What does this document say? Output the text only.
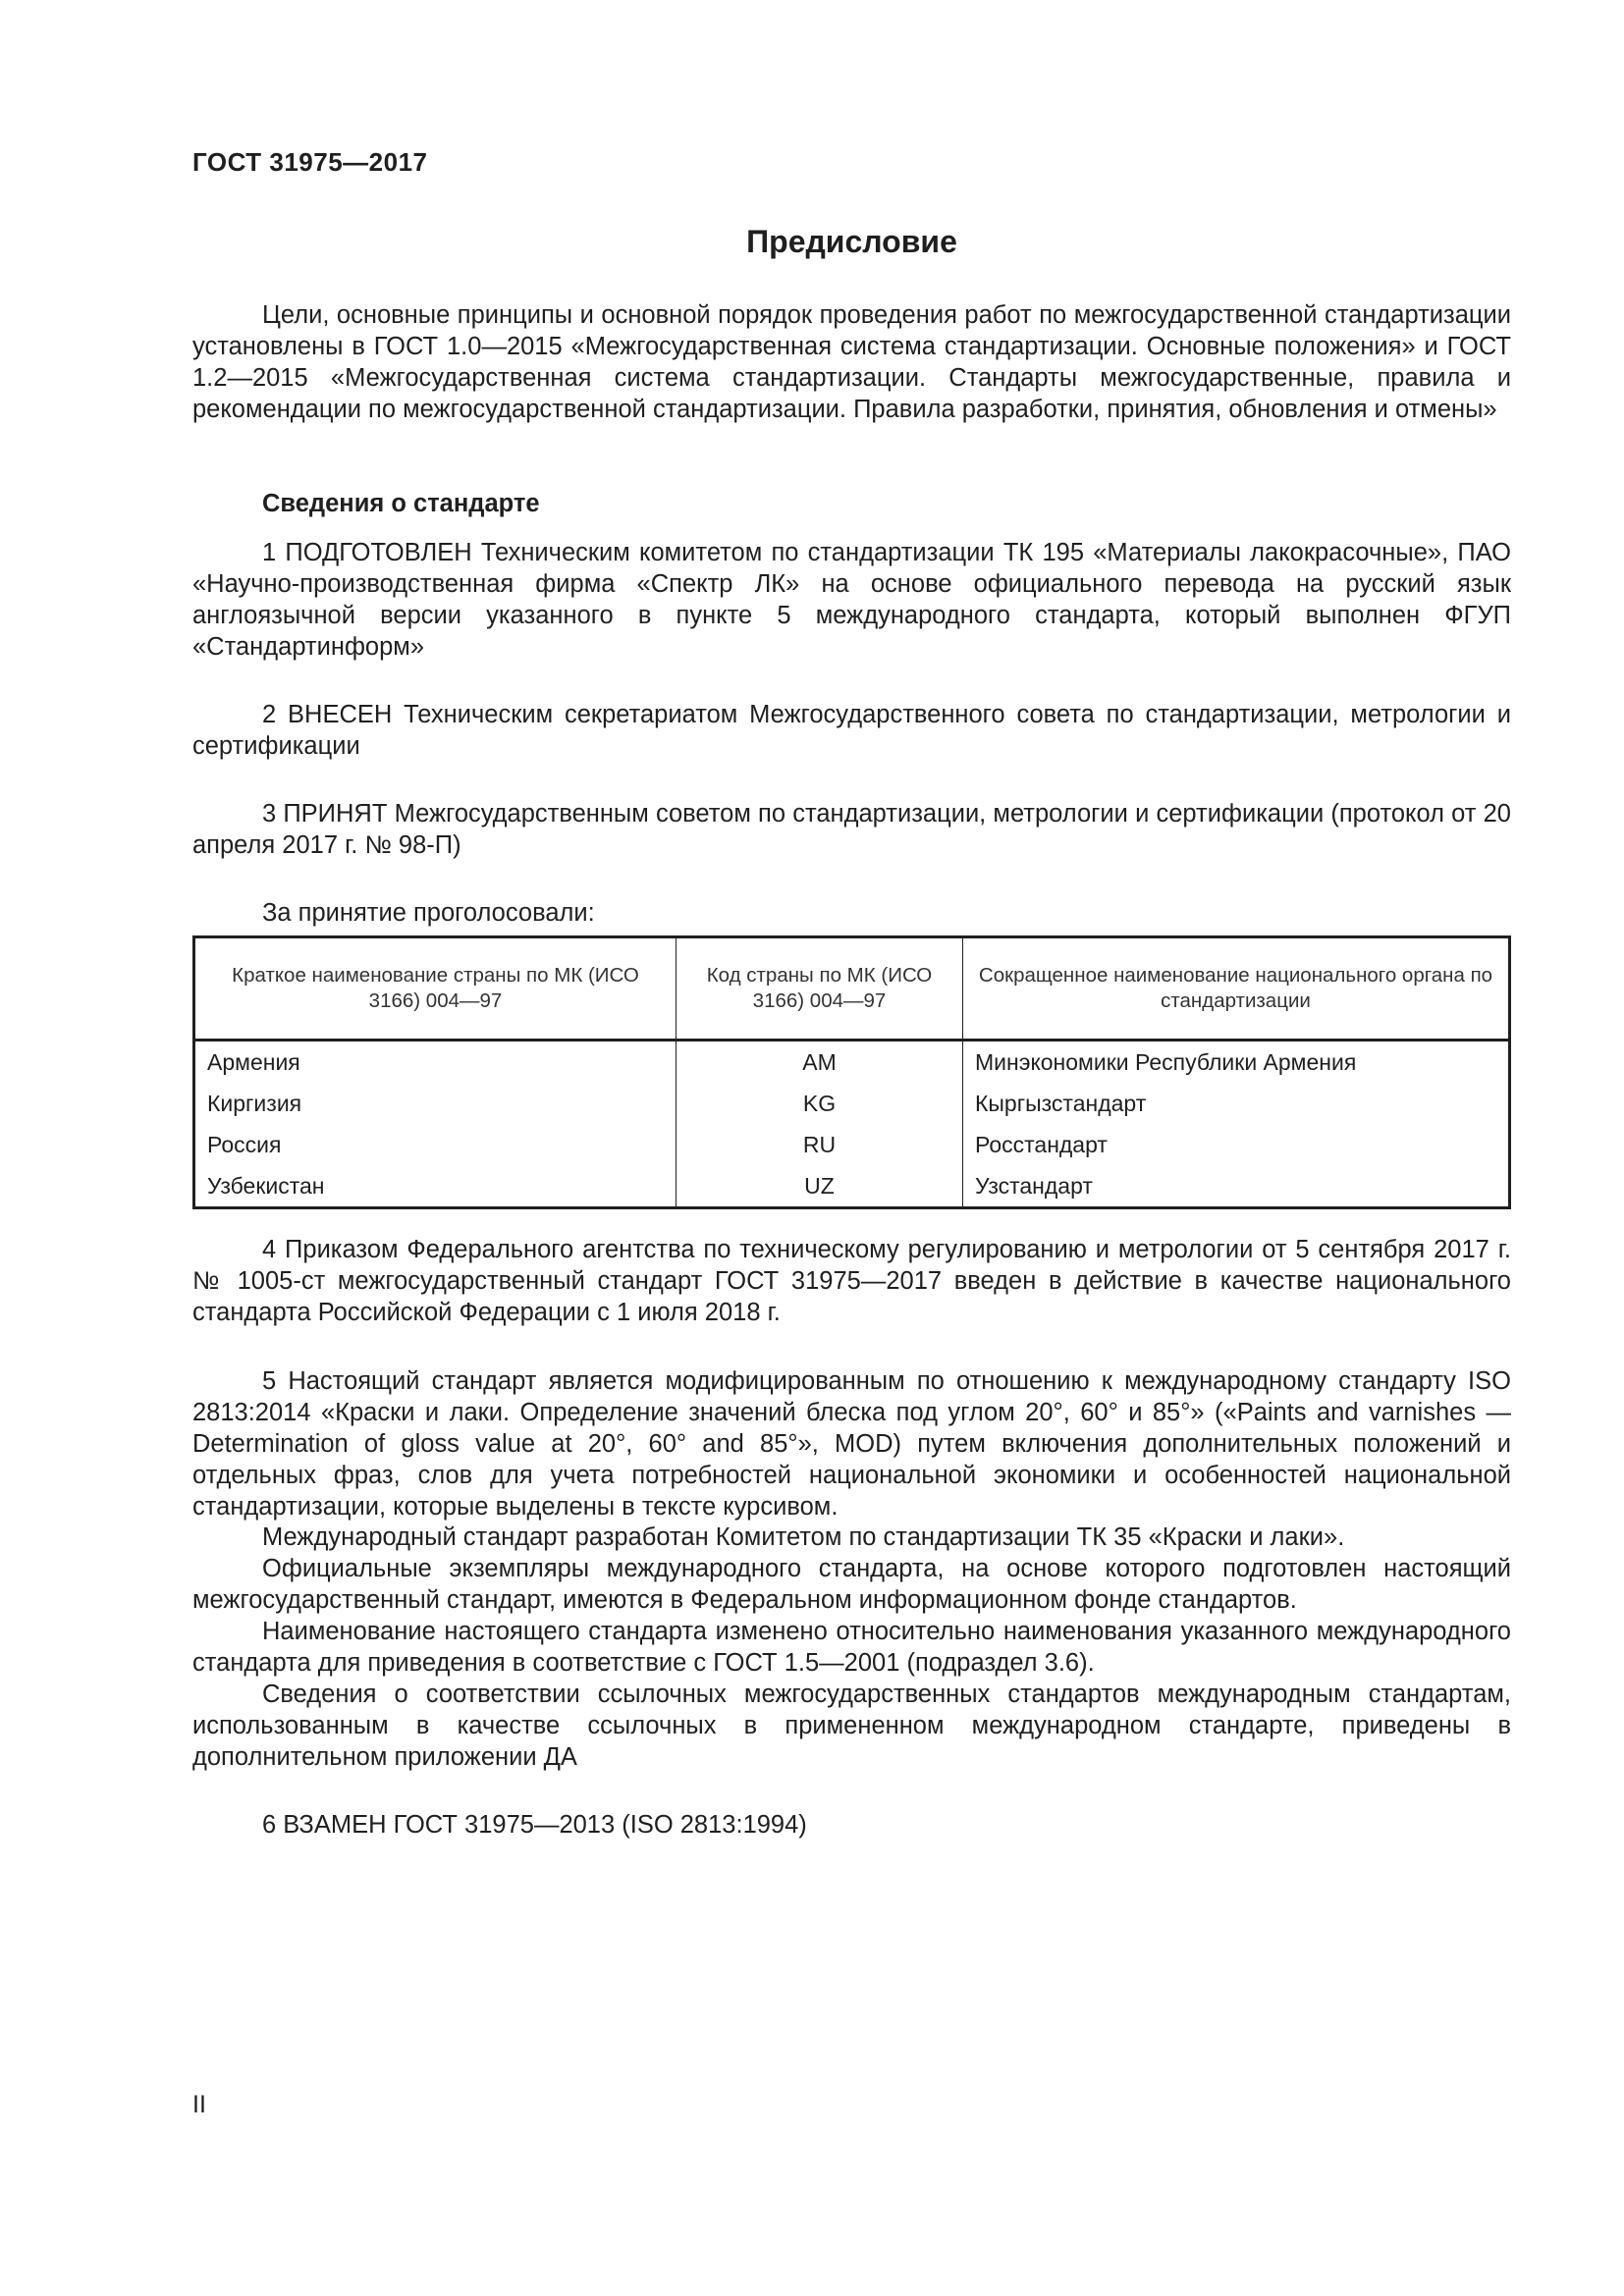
ГОСТ 31975—2017
Предисловие

Цели, основные принципы и основной порядок проведения работ по межгосударственной стандартизации установлены в ГОСТ 1.0—2015 «Межгосударственная система стандартизации. Основные положения» и ГОСТ 1.2—2015 «Межгосударственная система стандартизации. Стандарты межгосударственные, правила и рекомендации по межгосударственной стандартизации. Правила разработки, принятия, обновления и отмены»

Сведения о стандарте

1 ПОДГОТОВЛЕН Техническим комитетом по стандартизации ТК 195 «Материалы лакокрасочные», ПАО «Научно-производственная фирма «Спектр ЛК» на основе официального перевода на русский язык англоязычной версии указанного в пункте 5 международного стандарта, который выполнен ФГУП «Стандартинформ»

2 ВНЕСЕН Техническим секретариатом Межгосударственного совета по стандартизации, метрологии и сертификации

3 ПРИНЯТ Межгосударственным советом по стандартизации, метрологии и сертификации (протокол от 20 апреля 2017 г. № 98-П)

За принятие проголосовали:
Краткое наименование страны по МК (ИСО 3166) 004—97	Код страны по МК (ИСО 3166) 004—97	Сокращенное наименование национального органа по стандартизации
Армения	AM	Минэкономики Республики Армения
Киргизия	KG	Кыргызстандарт
Россия	RU	Росстандарт
Узбекистан	UZ	Узстандарт

4 Приказом Федерального агентства по техническому регулированию и метрологии от 5 сентября 2017 г. № 1005-ст межгосударственный стандарт ГОСТ 31975—2017 введен в действие в качестве национального стандарта Российской Федерации с 1 июля 2018 г.

5 Настоящий стандарт является модифицированным по отношению к международному стандарту ISO 2813:2014 «Краски и лаки. Определение значений блеска под углом 20°, 60° и 85°» («Paints and varnishes — Determination of gloss value at 20°, 60° and 85°», MOD) путем включения дополнительных положений и отдельных фраз, слов для учета потребностей национальной экономики и особенностей национальной стандартизации, которые выделены в тексте курсивом.

Международный стандарт разработан Комитетом по стандартизации ТК 35 «Краски и лаки».

Официальные экземпляры международного стандарта, на основе которого подготовлен настоящий межгосударственный стандарт, имеются в Федеральном информационном фонде стандартов.

Наименование настоящего стандарта изменено относительно наименования указанного международного стандарта для приведения в соответствие с ГОСТ 1.5—2001 (подраздел 3.6).

Сведения о соответствии ссылочных межгосударственных стандартов международным стандартам, использованным в качестве ссылочных в примененном международном стандарте, приведены в дополнительном приложении ДА

6 ВЗАМЕН ГОСТ 31975—2013 (ISO 2813:1994)

II
